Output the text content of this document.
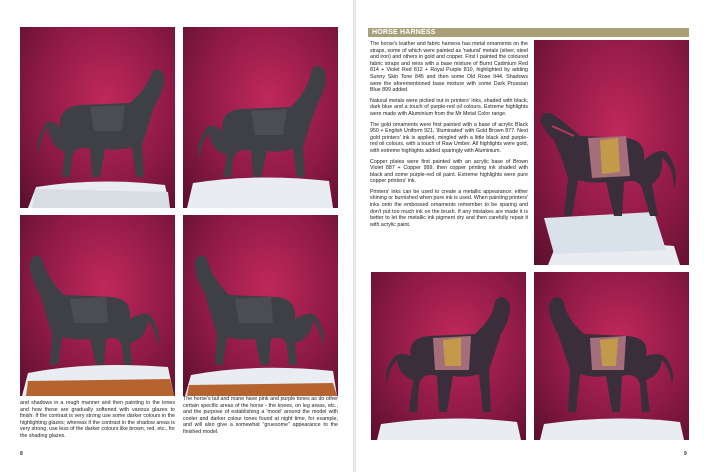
and shadows in a rough manner and then painting in the tones and how these are gradually softened with various glazes to finish. If the contrast is very strong use some darker colours in the highlighting glazes; whereas if the contrast in the shadow areas is very strong, use less of the darker colours like brown, red, etc., for the shading glazes.

The horse's tail and mane have pink and purple tones as do other certain specific areas of the horse - the knees, on leg areas, etc., and the purpose of establishing a 'mood' around the model with cooler and darker colour tones found at night time, for example, and will also give a somewhat "gruesome" appearance to the finished model.

HORSE HARNESS

The horse's leather and fabric harness has metal ornaments on the straps, some of which were painted as 'natural' metals (silver, steel and iron) and others in gold and copper. First I painted the coloured fabric straps and reins with a base mixture of Burnt Cadmium Red 814 + Violet Red 812 + Royal Purple 810, highlighted by adding Sunny Skin Tone 845 and then some Old Rose 944. Shadows were the aforementioned base mixture with some Dark Prussian Blue 899 added.

Natural metals were picked out in printers' inks, shaded with black, dark blue and a touch of purple-red oil colours. Extreme highlights were made with Aluminium from the Mr Metal Color range.

The gold ornaments were first painted with a base of acrylic Black 950 + English Uniform 921, 'illuminated' with Gold Brown 877. Next gold printers' ink is applied, mingled with a little black and purple-red oil colours, with a touch of Raw Umber. All highlights were gold, with extreme highlights added sparingly with Aluminium.

Copper plates were first painted with an acrylic base of Brown Violet 887 + Copper 999, then copper printing ink shaded with black and some purple-red oil paint. Extreme highlights were pure copper printers' ink.

Printers' inks can be used to create a metallic appearance; either shining or burnished when pure ink is used. When painting printers' inks onto the embossed ornaments remember to be sparing and don't put too much ink on the brush. If any mistakes are made it is better to let the metallic ink pigment dry and then carefully repair it with acrylic paint.

8	9
